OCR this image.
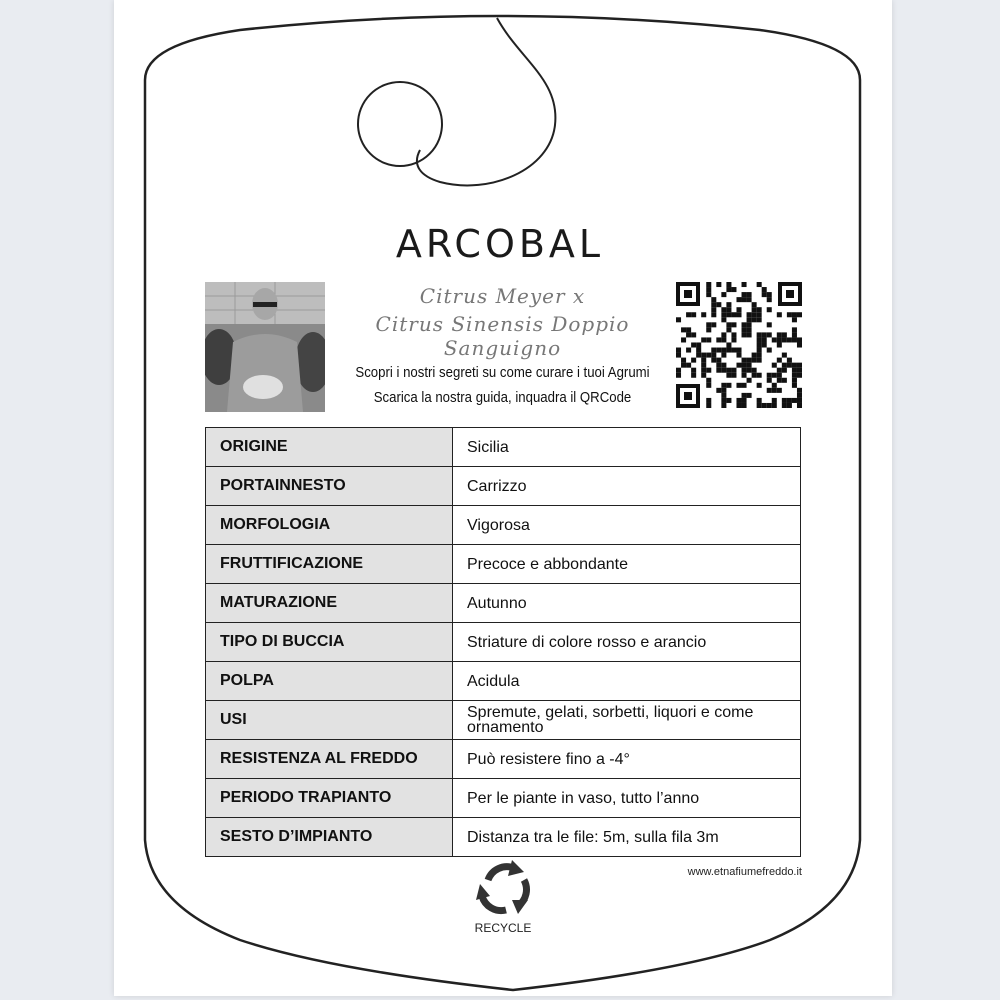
ARCOBAL
Citrus Meyer x
Citrus Sinensis Doppio Sanguigno
Scopri i nostri segreti su come curare i tuoi Agrumi
Scarica la nostra guida, inquadra il QRCode
ORIGINE	Sicilia
PORTAINNESTO	Carrizzo
MORFOLOGIA	Vigorosa
FRUTTIFICAZIONE	Precoce e abbondante
MATURAZIONE	Autunno
TIPO DI BUCCIA	Striature di colore rosso e arancio
POLPA	Acidula
USI	Spremute, gelati, sorbetti, liquori e come ornamento
RESISTENZA AL FREDDO	Può resistere fino a -4°
PERIODO TRAPIANTO	Per le piante in vaso, tutto l’anno
SESTO D’IMPIANTO	Distanza tra le file: 5m, sulla fila 3m
RECYCLE
www.etnafiumefreddo.it
